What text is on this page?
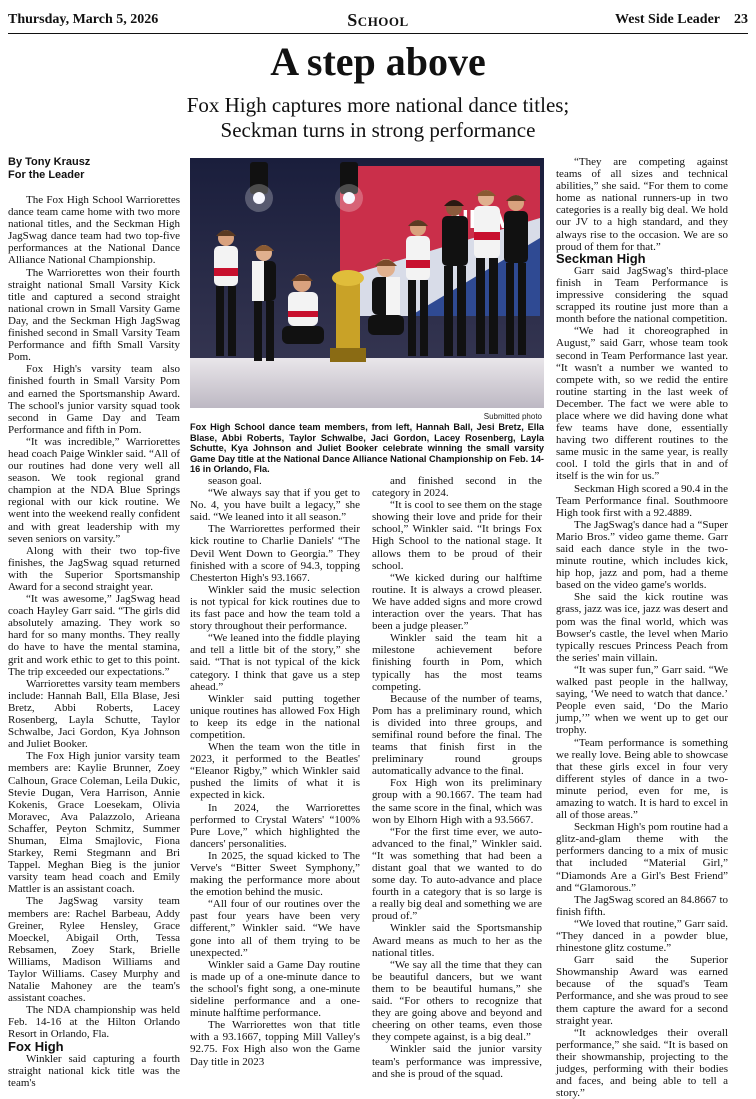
Thursday, March 5, 2026	School	West Side Leader 23
A step above
Fox High captures more national dance titles;
Seckman turns in strong performance
By Tony Krausz
For the Leader

The Fox High School Warriorettes dance team came home with two more national titles, and the Seckman High JagSwag dance team had two top-five performances at the National Dance Alliance National Championship.

The Warriorettes won their fourth straight national Small Varsity Kick title and captured a second straight national crown in Small Varsity Game Day, and the Seckman High JagSwag finished second in Small Varsity Team Performance and fifth Small Varsity Pom.

Fox High's varsity team also finished fourth in Small Varsity Pom and earned the Sportsmanship Award. The school's junior varsity squad took second in Game Day and Team Performance and fifth in Pom.

“It was incredible,” Warriorettes head coach Paige Winkler said. “All of our routines had done very well all season. We took regional grand champion at the NDA Blue Springs regional with our kick routine. We went into the weekend really confident and with great leadership with my seven seniors on varsity.”

Along with their two top-five finishes, the JagSwag squad returned with the Superior Sportsmanship Award for a second straight year.

“It was awesome,” JagSwag head coach Hayley Garr said. “The girls did absolutely amazing. They work so hard for so many months. They really do have to have the mental stamina, grit and work ethic to get to this point. The trip exceeded our expectations.”

Warriorettes varsity team members include: Hannah Ball, Ella Blase, Jesi Bretz, Abbi Roberts, Lacey Rosenberg, Layla Schutte, Taylor Schwalbe, Jaci Gordon, Kya Johnson and Juliet Booker.

The Fox High junior varsity team members are: Kaylie Brunner, Zoey Calhoun, Grace Coleman, Leila Dukic, Stevie Dugan, Vera Harrison, Annie Kokenis, Grace Loesekam, Olivia Moravec, Ava Palazzolo, Arieana Schaffer, Peyton Schmitz, Summer Shuman, Elma Smajlovic, Fiona Starkey, Remi Stegmann and Bri Tappel. Meghan Bieg is the junior varsity team head coach and Emily Mattler is an assistant coach.

The JagSwag varsity team members are: Rachel Barbeau, Addy Greiner, Rylee Hensley, Grace Moeckel, Abigail Orth, Tessa Rebsamen, Zoey Stark, Brielle Williams, Madison Williams and Taylor Williams. Casey Murphy and Natalie Mahoney are the team's assistant coaches.

The NDA championship was held Feb. 14-16 at the Hilton Orlando Resort in Orlando, Fla.

Fox High

Winkler said capturing a fourth straight national kick title was the team's

Submitted photo
Fox High School dance team members, from left, Hannah Ball, Jesi Bretz, Ella Blase, Abbi Roberts, Taylor Schwalbe, Jaci Gordon, Lacey Rosenberg, Layla Schutte, Kya Johnson and Juliet Booker celebrate winning the small varsity Game Day title at the National Dance Alliance National Championship on Feb. 14-16 in Orlando, Fla.

season goal.

“We always say that if you get to No. 4, you have built a legacy,” she said. “We leaned into it all season.”

The Warriorettes performed their kick routine to Charlie Daniels' “The Devil Went Down to Georgia.” They finished with a score of 94.3, topping Chesterton High's 93.1667.

Winkler said the music selection is not typical for kick routines due to its fast pace and how the team told a story throughout their performance.

“We leaned into the fiddle playing and tell a little bit of the story,” she said. “That is not typical of the kick category. I think that gave us a step ahead.”

Winkler said putting together unique routines has allowed Fox High to keep its edge in the national competition.

When the team won the title in 2023, it performed to the Beatles' “Eleanor Rigby,” which Winkler said pushed the limits of what it is expected in kick.

In 2024, the Warriorettes performed to Crystal Waters' “100% Pure Love,” which highlighted the dancers' personalities.

In 2025, the squad kicked to The Verve's “Bitter Sweet Symphony,” making the performance more about the emotion behind the music.

“All four of our routines over the past four years have been very different,” Winkler said. “We have gone into all of them trying to be unexpected.”

Winkler said a Game Day routine is made up of a one-minute dance to the school's fight song, a one-minute sideline performance and a one-minute halftime performance.

The Warriorettes won that title with a 93.1667, topping Mill Valley's 92.75. Fox High also won the Game Day title in 2023

and finished second in the category in 2024.

“It is cool to see them on the stage showing their love and pride for their school,” Winkler said. “It brings Fox High School to the national stage. It allows them to be proud of their school.

“We kicked during our halftime routine. It is always a crowd pleaser. We have added signs and more crowd interaction over the years. That has been a judge pleaser.”

Winkler said the team hit a milestone achievement before finishing fourth in Pom, which typically has the most teams competing.

Because of the number of teams, Pom has a preliminary round, which is divided into three groups, and semifinal round before the final. The teams that finish first in the preliminary round groups automatically advance to the final.

Fox High won its preliminary group with a 90.1667. The team had the same score in the final, which was won by Elhorn High with a 93.5667.

“For the first time ever, we auto-advanced to the final,” Winkler said. “It was something that had been a distant goal that we wanted to do some day. To auto-advance and place fourth in a category that is so large is a really big deal and something we are proud of.”

Winkler said the Sportsmanship Award means as much to her as the national titles.

“We say all the time that they can be beautiful dancers, but we want them to be beautiful humans,” she said. “For others to recognize that they are going above and beyond and cheering on other teams, even those they compete against, is a big deal.”

Winkler said the junior varsity team's performance was impressive, and she is proud of the squad.

“They are competing against teams of all sizes and technical abilities,” she said. “For them to come home as national runners-up in two categories is a really big deal. We hold our JV to a high standard, and they always rise to the occasion. We are so proud of them for that.”

Seckman High

Garr said JagSwag's third-place finish in Team Performance is impressive considering the squad scrapped its routine just more than a month before the national competition.

“We had it choreographed in August,” said Garr, whose team took second in Team Performance last year. “It wasn't a number we wanted to compete with, so we redid the entire routine starting in the last week of December. The fact we were able to place where we did having done what few teams have done, essentially having two different routines to the same music in the same year, is really cool. I told the girls that in and of itself is the win for us.”

Seckman High scored a 90.4 in the Team Performance final. Southmoore High took first with a 92.4889.

The JagSwag's dance had a “Super Mario Bros.” video game theme. Garr said each dance style in the two-minute routine, which includes kick, hip hop, jazz and pom, had a theme based on the video game's worlds.

She said the kick routine was grass, jazz was ice, jazz was desert and pom was the final world, which was Bowser's castle, the level when Mario typically rescues Princess Peach from the series' main villain.

“It was super fun,” Garr said. “We walked past people in the hallway, saying, ‘We need to watch that dance.’ People even said, ‘Do the Mario jump,’” when we went up to get our trophy.

“Team performance is something we really love. Being able to showcase that these girls excel in four very different styles of dance in a two-minute period, even for me, is amazing to watch. It is hard to excel in all of those areas.”

Seckman High's pom routine had a glitz-and-glam theme with the performers dancing to a mix of music that included “Material Girl,” “Diamonds Are a Girl's Best Friend” and “Glamorous.”

The JagSwag scored an 84.8667 to finish fifth.

“We loved that routine,” Garr said. “They danced in a powder blue, rhinestone glitz costume.”

Garr said the Superior Showmanship Award was earned because of the squad's Team Performance, and she was proud to see them capture the award for a second straight year.

“It acknowledges their overall performance,” she said. “It is based on their showmanship, projecting to the judges, performing with their bodies and faces, and being able to tell a story.”
